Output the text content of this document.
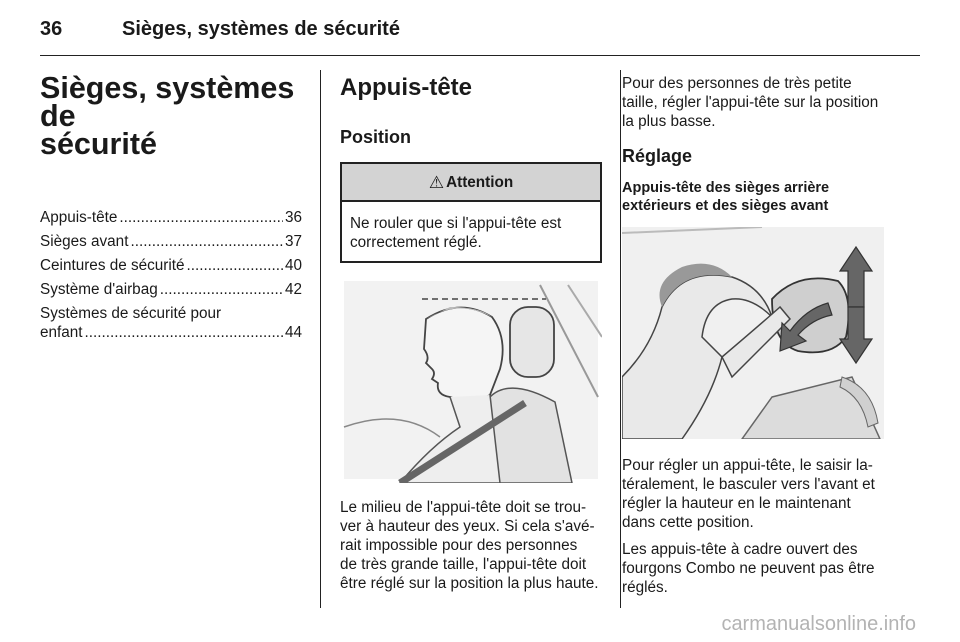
36	Sièges, systèmes de sécurité
Sièges, systèmes de
sécurité
Appuis-tête .....	36
Sièges avant .....	37
Ceintures de sécurité .....	40
Système d'airbag .....	42
Systèmes de sécurité pour
enfant .....	44
Appuis-tête
Position
⚠ Attention
Ne rouler que si l'appui-tête est
correctement réglé.
Le milieu de l'appui-tête doit se trou-
ver à hauteur des yeux. Si cela s'avé-
rait impossible pour des personnes
de très grande taille, l'appui-tête doit
être réglé sur la position la plus haute.
Pour des personnes de très petite
taille, régler l'appui-tête sur la position
la plus basse.
Réglage
Appuis-tête des sièges arrière
extérieurs et des sièges avant
Pour régler un appui-tête, le saisir la-
téralement, le basculer vers l'avant et
régler la hauteur en le maintenant
dans cette position.
Les appuis-tête à cadre ouvert des
fourgons Combo ne peuvent pas être
réglés.
carmanualsonline.info
